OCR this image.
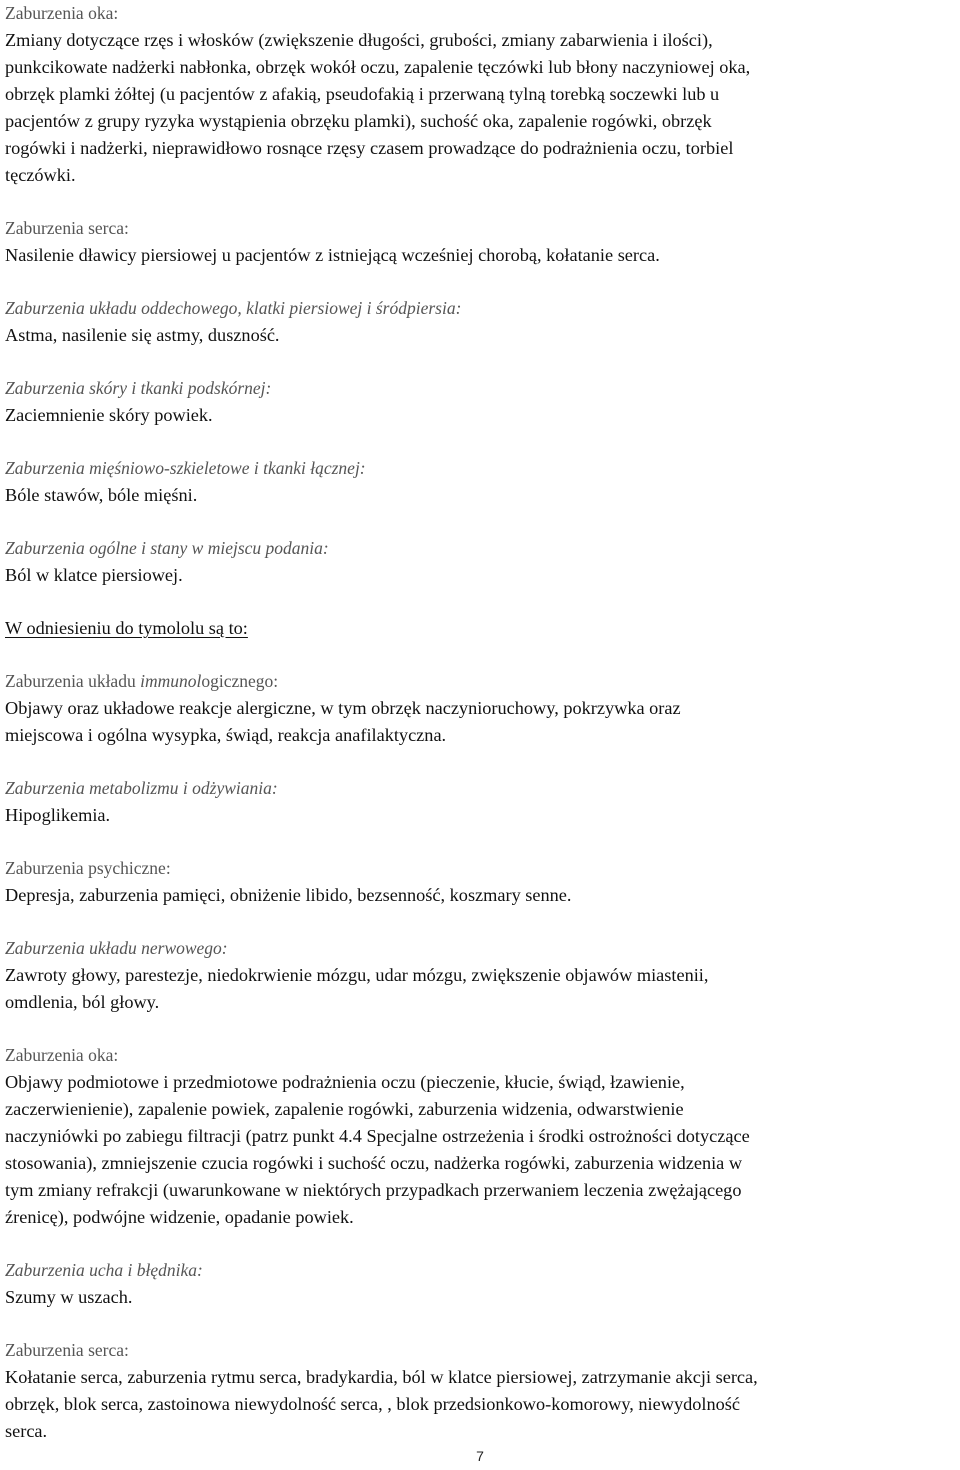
Zaburzenia oka:

Zmiany dotyczące rzęs i włosków (zwiększenie długości, grubości, zmiany zabarwienia i ilości),

punkcikowate nadżerki nabłonka, obrzęk wokół oczu, zapalenie tęczówki lub błony naczyniowej oka,

obrzęk plamki żółtej (u pacjentów z afakią, pseudofakią i przerwaną tylną torebką soczewki lub u

pacjentów z grupy ryzyka wystąpienia obrzęku plamki), suchość oka, zapalenie rogówki, obrzęk

rogówki i nadżerki, nieprawidłowo rosnące rzęsy czasem prowadzące do podrażnienia oczu, torbiel

tęczówki.

Zaburzenia serca:

Nasilenie dławicy piersiowej u pacjentów z istniejącą wcześniej chorobą, kołatanie serca.

Zaburzenia układu oddechowego, klatki piersiowej i śródpiersia:

Astma, nasilenie się astmy, duszność.

Zaburzenia skóry i tkanki podskórnej:

Zaciemnienie skóry powiek.

Zaburzenia mięśniowo-szkieletowe i tkanki łącznej:

Bóle stawów, bóle mięśni.

Zaburzenia ogólne i stany w miejscu podania:

Ból w klatce piersiowej.

W odniesieniu do tymololu są to:

Zaburzenia układu immunologicznego:

Objawy oraz układowe reakcje alergiczne, w tym obrzęk naczynioruchowy, pokrzywka oraz

miejscowa i ogólna wysypka, świąd, reakcja anafilaktyczna.

Zaburzenia metabolizmu i odżywiania:

Hipoglikemia.

Zaburzenia psychiczne:

Depresja, zaburzenia pamięci, obniżenie libido, bezsenność, koszmary senne.

Zaburzenia układu nerwowego:

Zawroty głowy, parestezje, niedokrwienie mózgu, udar mózgu, zwiększenie objawów miastenii,

omdlenia, ból głowy.

Zaburzenia oka:

Objawy podmiotowe i przedmiotowe podrażnienia oczu (pieczenie, kłucie, świąd, łzawienie,

zaczerwienienie), zapalenie powiek, zapalenie rogówki, zaburzenia widzenia, odwarstwienie

naczyniówki po zabiegu filtracji (patrz punkt 4.4 Specjalne ostrzeżenia i środki ostrożności dotyczące

stosowania), zmniejszenie czucia rogówki i suchość oczu, nadżerka rogówki, zaburzenia widzenia w

tym zmiany refrakcji (uwarunkowane w niektórych przypadkach przerwaniem leczenia zwężającego

źrenicę), podwójne widzenie, opadanie powiek.

Zaburzenia ucha i błędnika:

Szumy w uszach.

Zaburzenia serca:

Kołatanie serca, zaburzenia rytmu serca, bradykardia, ból w klatce piersiowej, zatrzymanie akcji serca,

obrzęk, blok serca, zastoinowa niewydolność serca, , blok przedsionkowo-komorowy, niewydolność

serca.

7
